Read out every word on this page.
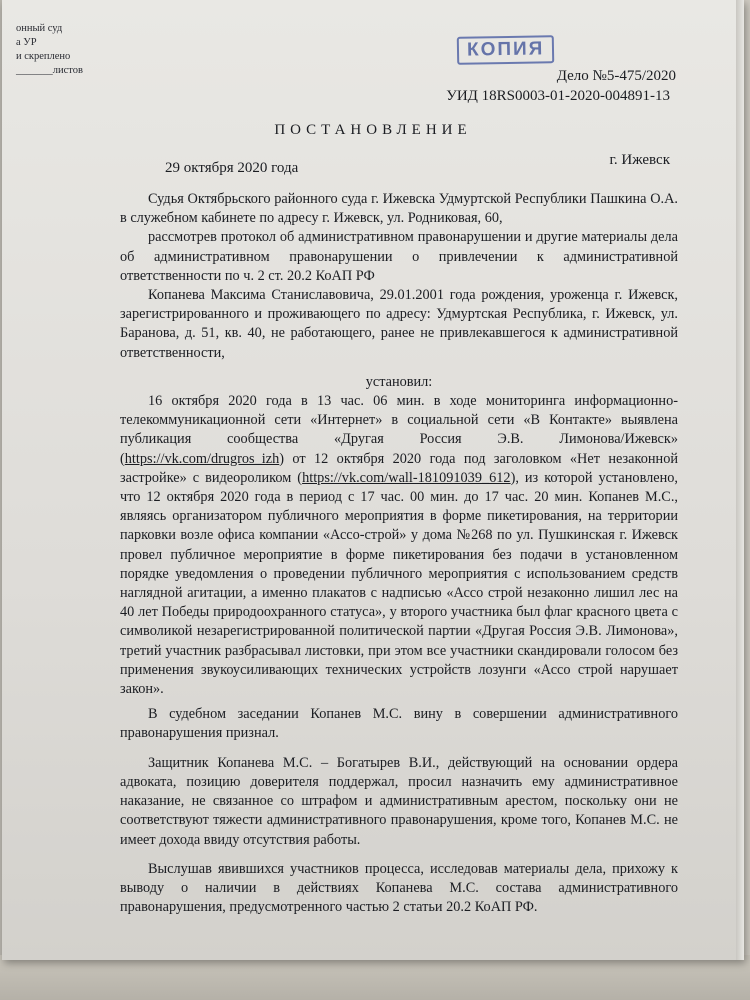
онный суд
а УР
и скреплено
_______листов
КОПИЯ
Дело №5-475/2020
УИД 18RS0003-01-2020-004891-13
ПОСТАНОВЛЕНИЕ
29 октября 2020 года	г. Ижевск

Судья Октябрьского районного суда г. Ижевска Удмуртской Республики Пашкина О.А. в служебном кабинете по адресу г. Ижевск, ул. Родниковая, 60,

рассмотрев протокол об административном правонарушении и другие материалы дела об административном правонарушении о привлечении к административной ответственности по ч. 2 ст. 20.2 КоАП РФ

Копанева Максима Станиславовича, 29.01.2001 года рождения, уроженца г. Ижевск, зарегистрированного и проживающего по адресу: Удмуртская Республика, г. Ижевск, ул. Баранова, д. 51, кв. 40, не работающего, ранее не привлекавшегося к административной ответственности,

установил:

16 октября 2020 года в 13 час. 06 мин. в ходе мониторинга информационно-телекоммуникационной сети «Интернет» в социальной сети «В Контакте» выявлена публикация сообщества «Другая Россия Э.В. Лимонова/Ижевск» (https://vk.com/drugros_izh) от 12 октября 2020 года под заголовком «Нет незаконной застройке» с видеороликом (https://vk.com/wall-181091039_612), из которой установлено, что 12 октября 2020 года в период с 17 час. 00 мин. до 17 час. 20 мин. Копанев М.С., являясь организатором публичного мероприятия в форме пикетирования, на территории парковки возле офиса компании «Ассо-строй» у дома №268 по ул. Пушкинская г. Ижевск провел публичное мероприятие в форме пикетирования без подачи в установленном порядке уведомления о проведении публичного мероприятия с использованием средств наглядной агитации, а именно плакатов с надписью «Ассо строй незаконно лишил лес на 40 лет Победы природоохранного статуса», у второго участника был флаг красного цвета с символикой незарегистрированной политической партии «Другая Россия Э.В. Лимонова», третий участник разбрасывал листовки, при этом все участники скандировали голосом без применения звукоусиливающих технических устройств лозунги «Ассо строй нарушает закон».

В судебном заседании Копанев М.С. вину в совершении административного правонарушения признал.

Защитник Копанева М.С. – Богатырев В.И., действующий на основании ордера адвоката, позицию доверителя поддержал, просил назначить ему административное наказание, не связанное со штрафом и административным арестом, поскольку они не соответствуют тяжести административного правонарушения, кроме того, Копанев М.С. не имеет дохода ввиду отсутствия работы.

Выслушав явившихся участников процесса, исследовав материалы дела, прихожу к выводу о наличии в действиях Копанева М.С. состава административного правонарушения, предусмотренного частью 2 статьи 20.2 КоАП РФ.
